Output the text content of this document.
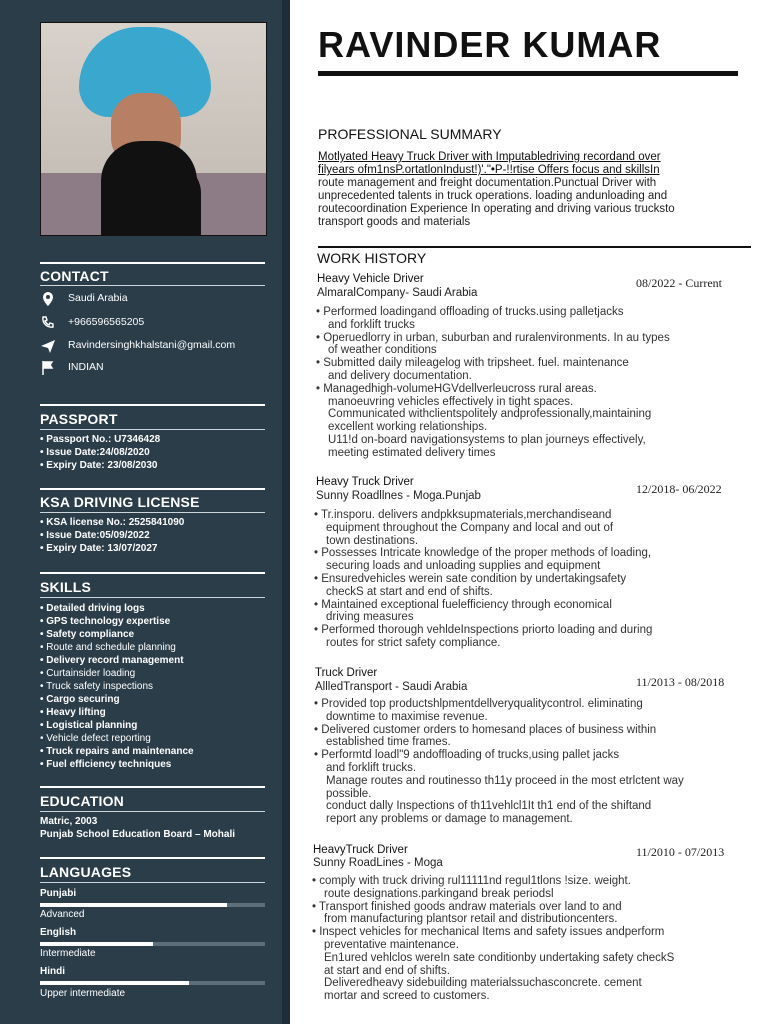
CONTACT
Saudi Arabia
+966596565205
Ravindersinghkhalstani@gmail.com
INDIAN
PASSPORT
• Passport No.: U7346428
• Issue Date:24/08/2020
• Expiry Date: 23/08/2030
KSA DRIVING LICENSE
• KSA license No.: 2525841090
• Issue Date:05/09/2022
• Expiry Date: 13/07/2027
SKILLS
• Detailed driving logs
• GPS technology expertise
• Safety compliance
• Route and schedule planning
• Delivery record management
• Curtainsider loading
• Truck safety inspections
• Cargo securing
• Heavy lifting
• Logistical planning
• Vehicle defect reporting
• Truck repairs and maintenance
• Fuel efficiency techniques
EDUCATION
Matric, 2003
Punjab School Education Board – Mohali
LANGUAGES
Punjabi
Advanced
English
Intermediate
Hindi
Upper intermediate
RAVINDER KUMAR
PROFESSIONAL SUMMARY
Motlyated Heavy Truck Driver with Imputabledriving recordand over
filyears ofm1nsP.ortatlonIndust!)'."•P-!!rtise Offers focus and skillsIn
route management and freight documentation.Punctual Driver with
unprecedented talents in truck operations. loading andunloading and
routecoordination Experience In operating and driving various trucksto
transport goods and materials
WORK HISTORY
Heavy Vehicle Driver
AlmaralCompany- Saudi Arabia
08/2022 - Current
• Performed loadingand offloading of trucks.using palletjacks
and forklift trucks
• Operuedlorry in urban, suburban and ruralenvironments. In au types
of weather conditions
• Submitted daily mileagelog with tripsheet. fuel. maintenance
and delivery documentation.
• Managedhigh-volumeHGVdellverleucross rural areas.
manoeuvring vehicles effectively in tight spaces.
Communicated withclientspolitely andprofessionally,maintaining
excellent working relationships.
U11!d on-board navigationsystems to plan journeys effectively,
meeting estimated delivery times
Heavy Truck Driver
Sunny Roadllnes - Moga.Punjab	12/2018- 06/2022
• Tr.insporu. delivers andpkksupmaterials,merchandiseand
equipment throughout the Company and local and out of
town destinations.
• Possesses Intricate knowledge of the proper methods of loading,
securing loads and unloading supplies and equipment
• Ensuredvehicles werein sate condition by undertakingsafety
checkS at start and end of shifts.
• Maintained exceptional fuelefficiency through economical
driving measures
• Performed thorough vehldeInspections priorto loading and during
routes for strict safety compliance.
Truck Driver
AllledTransport - Saudi Arabia	11/2013 - 08/2018
• Provided top productshlpmentdellveryqualitycontrol. eliminating
downtime to maximise revenue.
• Delivered customer orders to homesand places of business within
established time frames.
• Performtd loadl"9 andoffloading of trucks,using pallet jacks
and forklift trucks.
Manage routes and routinesso th11y proceed in the most etrlctent way
possible.
conduct dally Inspections of th11vehlcl1It th1 end of the shiftand
report any problems or damage to management.
HeavyTruck Driver
Sunny RoadLines - Moga
11/2010 - 07/2013
• comply with truck driving rul11111nd regul1tlons !size. weight.
route designations.parkingand break periodsl
• Transport finished goods andraw materials over land to and
from manufacturing plantsor retail and distributioncenters.
• Inspect vehicles for mechanical Items and safety issues andperform
preventative maintenance.
En1ured vehlclos wereIn sate conditionby undertaking safety checkS
at start and end of shifts.
Deliveredheavy sidebuilding materialssuchasconcrete. cement
mortar and screed to customers.
